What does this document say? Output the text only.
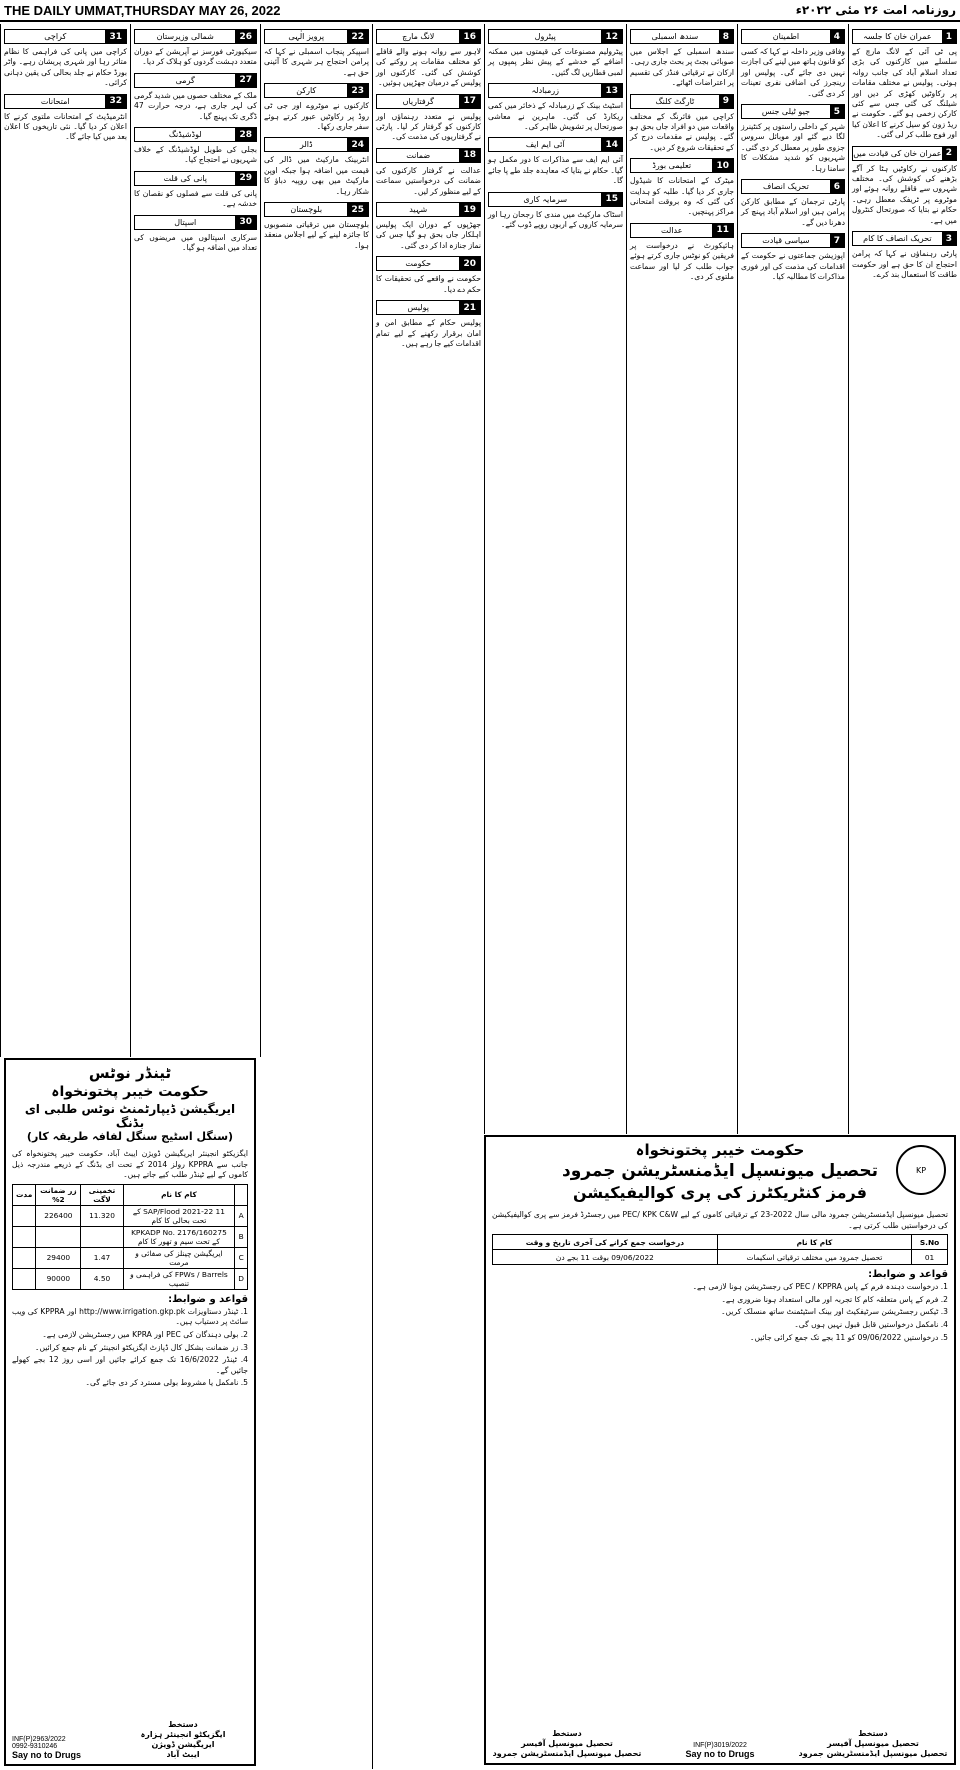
THE DAILY UMMAT,THURSDAY MAY 26, 2022	روزنامہ امت ۲۶ مئی ۲۰۲۲ء
1
عمران خان کا جلسہ

پی ٹی آئی کے لانگ مارچ کے سلسلے میں کارکنوں کی بڑی تعداد اسلام آباد کی جانب روانہ ہوئی۔ پولیس نے مختلف مقامات پر رکاوٹیں کھڑی کر دیں اور شیلنگ کی گئی جس سے کئی کارکن زخمی ہو گئے۔ حکومت نے ریڈ زون کو سیل کرنے کا اعلان کیا اور فوج طلب کر لی گئی۔

2
عمران خان کی قیادت میں

کارکنوں نے رکاوٹیں ہٹا کر آگے بڑھنے کی کوشش کی۔ مختلف شہروں سے قافلے روانہ ہوئے اور موٹروے پر ٹریفک معطل رہی۔ حکام نے بتایا کہ صورتحال کنٹرول میں ہے۔

3
تحریک انصاف کا کام

پارٹی رہنماؤں نے کہا کہ پرامن احتجاج ان کا حق ہے اور حکومت طاقت کا استعمال بند کرے۔

4
اطمینان

وفاقی وزیر داخلہ نے کہا کہ کسی کو قانون ہاتھ میں لینے کی اجازت نہیں دی جائے گی۔ پولیس اور رینجرز کی اضافی نفری تعینات کر دی گئی۔

5
جیو ٹیلی جنس

شہر کے داخلی راستوں پر کنٹینرز لگا دیے گئے اور موبائل سروس جزوی طور پر معطل کر دی گئی۔ شہریوں کو شدید مشکلات کا سامنا رہا۔

6
تحریک انصاف

پارٹی ترجمان کے مطابق کارکن پرامن ہیں اور اسلام آباد پہنچ کر دھرنا دیں گے۔

7
سیاسی قیادت

اپوزیشن جماعتوں نے حکومت کے اقدامات کی مذمت کی اور فوری مذاکرات کا مطالبہ کیا۔

8
سندھ اسمبلی

سندھ اسمبلی کے اجلاس میں صوبائی بجٹ پر بحث جاری رہی۔ ارکان نے ترقیاتی فنڈز کی تقسیم پر اعتراضات اٹھائے۔

9
ٹارگٹ کلنگ

کراچی میں فائرنگ کے مختلف واقعات میں دو افراد جاں بحق ہو گئے۔ پولیس نے مقدمات درج کر کے تحقیقات شروع کر دیں۔

10
تعلیمی بورڈ

میٹرک کے امتحانات کا شیڈول جاری کر دیا گیا۔ طلبہ کو ہدایت کی گئی کہ وہ بروقت امتحانی مراکز پہنچیں۔

11
عدالت

ہائیکورٹ نے درخواست پر فریقین کو نوٹس جاری کرتے ہوئے جواب طلب کر لیا اور سماعت ملتوی کر دی۔

12
پیٹرول

پیٹرولیم مصنوعات کی قیمتوں میں ممکنہ اضافے کے خدشے کے پیش نظر پمپوں پر لمبی قطاریں لگ گئیں۔

13
زرمبادلہ

اسٹیٹ بینک کے زرمبادلہ کے ذخائر میں کمی ریکارڈ کی گئی۔ ماہرین نے معاشی صورتحال پر تشویش ظاہر کی۔

14
آئی ایم ایف

آئی ایم ایف سے مذاکرات کا دور مکمل ہو گیا۔ حکام نے بتایا کہ معاہدہ جلد طے پا جائے گا۔

15
سرمایہ کاری

اسٹاک مارکیٹ میں مندی کا رجحان رہا اور سرمایہ کاروں کے اربوں روپے ڈوب گئے۔

16
لانگ مارچ

لاہور سے روانہ ہونے والے قافلے کو مختلف مقامات پر روکنے کی کوشش کی گئی۔ کارکنوں اور پولیس کے درمیان جھڑپیں ہوئیں۔

17
گرفتاریاں

پولیس نے متعدد رہنماؤں اور کارکنوں کو گرفتار کر لیا۔ پارٹی نے گرفتاریوں کی مذمت کی۔

18
ضمانت

عدالت نے گرفتار کارکنوں کی ضمانت کی درخواستیں سماعت کے لیے منظور کر لیں۔

19
شہید

جھڑپوں کے دوران ایک پولیس اہلکار جاں بحق ہو گیا جس کی نماز جنازہ ادا کر دی گئی۔

20
حکومت

حکومت نے واقعے کی تحقیقات کا حکم دے دیا۔

21
پولیس

پولیس حکام کے مطابق امن و امان برقرار رکھنے کے لیے تمام اقدامات کیے جا رہے ہیں۔

22
پرویز الٰہی

اسپیکر پنجاب اسمبلی نے کہا کہ پرامن احتجاج ہر شہری کا آئینی حق ہے۔

23
کارکن

کارکنوں نے موٹروے اور جی ٹی روڈ پر رکاوٹیں عبور کرتے ہوئے سفر جاری رکھا۔

24
ڈالر

انٹربینک مارکیٹ میں ڈالر کی قیمت میں اضافہ ہوا جبکہ اوپن مارکیٹ میں بھی روپیہ دباؤ کا شکار رہا۔

25
بلوچستان

بلوچستان میں ترقیاتی منصوبوں کا جائزہ لینے کے لیے اجلاس منعقد ہوا۔

26
شمالی وزیرستان

سیکیورٹی فورسز نے آپریشن کے دوران متعدد دہشت گردوں کو ہلاک کر دیا۔

27
گرمی

ملک کے مختلف حصوں میں شدید گرمی کی لہر جاری ہے، درجہ حرارت 47 ڈگری تک پہنچ گیا۔

28
لوڈشیڈنگ

بجلی کی طویل لوڈشیڈنگ کے خلاف شہریوں نے احتجاج کیا۔

29
پانی کی قلت

پانی کی قلت سے فصلوں کو نقصان کا خدشہ ہے۔

30
اسپتال

سرکاری اسپتالوں میں مریضوں کی تعداد میں اضافہ ہو گیا۔

31
کراچی

کراچی میں پانی کی فراہمی کا نظام متاثر رہا اور شہری پریشان رہے۔ واٹر بورڈ حکام نے جلد بحالی کی یقین دہانی کرائی۔

32
امتحانات

انٹرمیڈیٹ کے امتحانات ملتوی کرنے کا اعلان کر دیا گیا۔ نئی تاریخوں کا اعلان بعد میں کیا جائے گا۔

KP
حکومت خیبر پختونخواہ
تحصیل میونسپل ایڈمنسٹریشن جمرود
فرمز کنٹریکٹرز کی پری کوالیفیکیشن

تحصیل میونسپل ایڈمنسٹریشن جمرود مالی سال 2022-23 کے ترقیاتی کاموں کے لیے PEC/ KPK C&W میں رجسٹرڈ فرمز سے پری کوالیفیکیشن کی درخواستیں طلب کرتی ہے۔

S.No	کام کا نام	درخواست جمع کرانے کی آخری تاریخ و وقت
01	تحصیل جمرود میں مختلف ترقیاتی اسکیمات	09/06/2022 بوقت 11 بجے دن
قواعد و ضوابط:

1. درخواست دہندہ فرم کے پاس PEC / KPPRA کی رجسٹریشن ہونا لازمی ہے۔

2. فرم کے پاس متعلقہ کام کا تجربہ اور مالی استعداد ہونا ضروری ہے۔

3. ٹیکس رجسٹریشن سرٹیفکیٹ اور بینک اسٹیٹمنٹ ساتھ منسلک کریں۔

4. نامکمل درخواستیں قابل قبول نہیں ہوں گی۔

5. درخواستیں 09/06/2022 کو 11 بجے تک جمع کرائی جائیں۔

دستخط
تحصیل میونسپل آفیسر
تحصیل میونسپل ایڈمنسٹریشن جمرود
INF(P)3019/2022
Say no to Drugs
دستخط
تحصیل میونسپل آفیسر
تحصیل میونسپل ایڈمنسٹریشن جمرود
ٹینڈر نوٹس
حکومت خیبر پختونخواہ
ایریگیشن ڈیپارٹمنٹ نوٹس طلبی ای بڈنگ
(سنگل اسٹیج سنگل لفافہ طریقہ کار)

ایگزیکٹو انجینئر ایریگیشن ڈویژن ایبٹ آباد، حکومت خیبر پختونخواہ کی جانب سے KPPRA رولز 2014 کے تحت ای بڈنگ کے ذریعے مندرجہ ذیل کاموں کے لیے ٹینڈر طلب کیے جاتے ہیں۔

	کام کا نام	تخمینی لاگت	زر ضمانت 2%	مدت
A	SAP/Flood 2021-22 11 کے تحت بحالی کا کام	11.320	226400	
B	KPKADP No. 2176/160275 کے تحت سیم و تھور کا کام			
C	ایریگیشن چینلز کی صفائی و مرمت	1.47	29400	
D	FPWs / Barrels کی فراہمی و تنصیب	4.50	90000	
قواعد و ضوابط:

1. ٹینڈر دستاویزات http://www.irrigation.gkp.pk اور KPPRA کی ویب سائٹ پر دستیاب ہیں۔

2. بولی دہندگان کی PEC اور KPRA میں رجسٹریشن لازمی ہے۔

3. زر ضمانت بشکل کال ڈپازٹ ایگزیکٹو انجینئر کے نام جمع کرائیں۔

4. ٹینڈر 16/6/2022 تک جمع کرائے جائیں اور اسی روز 12 بجے کھولے جائیں گے۔

5. نامکمل یا مشروط بولی مسترد کر دی جائے گی۔

دستخط
ایگزیکٹو انجینئر ہزارہ
ایریگیشن ڈویژن
ایبٹ آباد
INF(P)2963/2022
0992-9310246
Say no to Drugs
